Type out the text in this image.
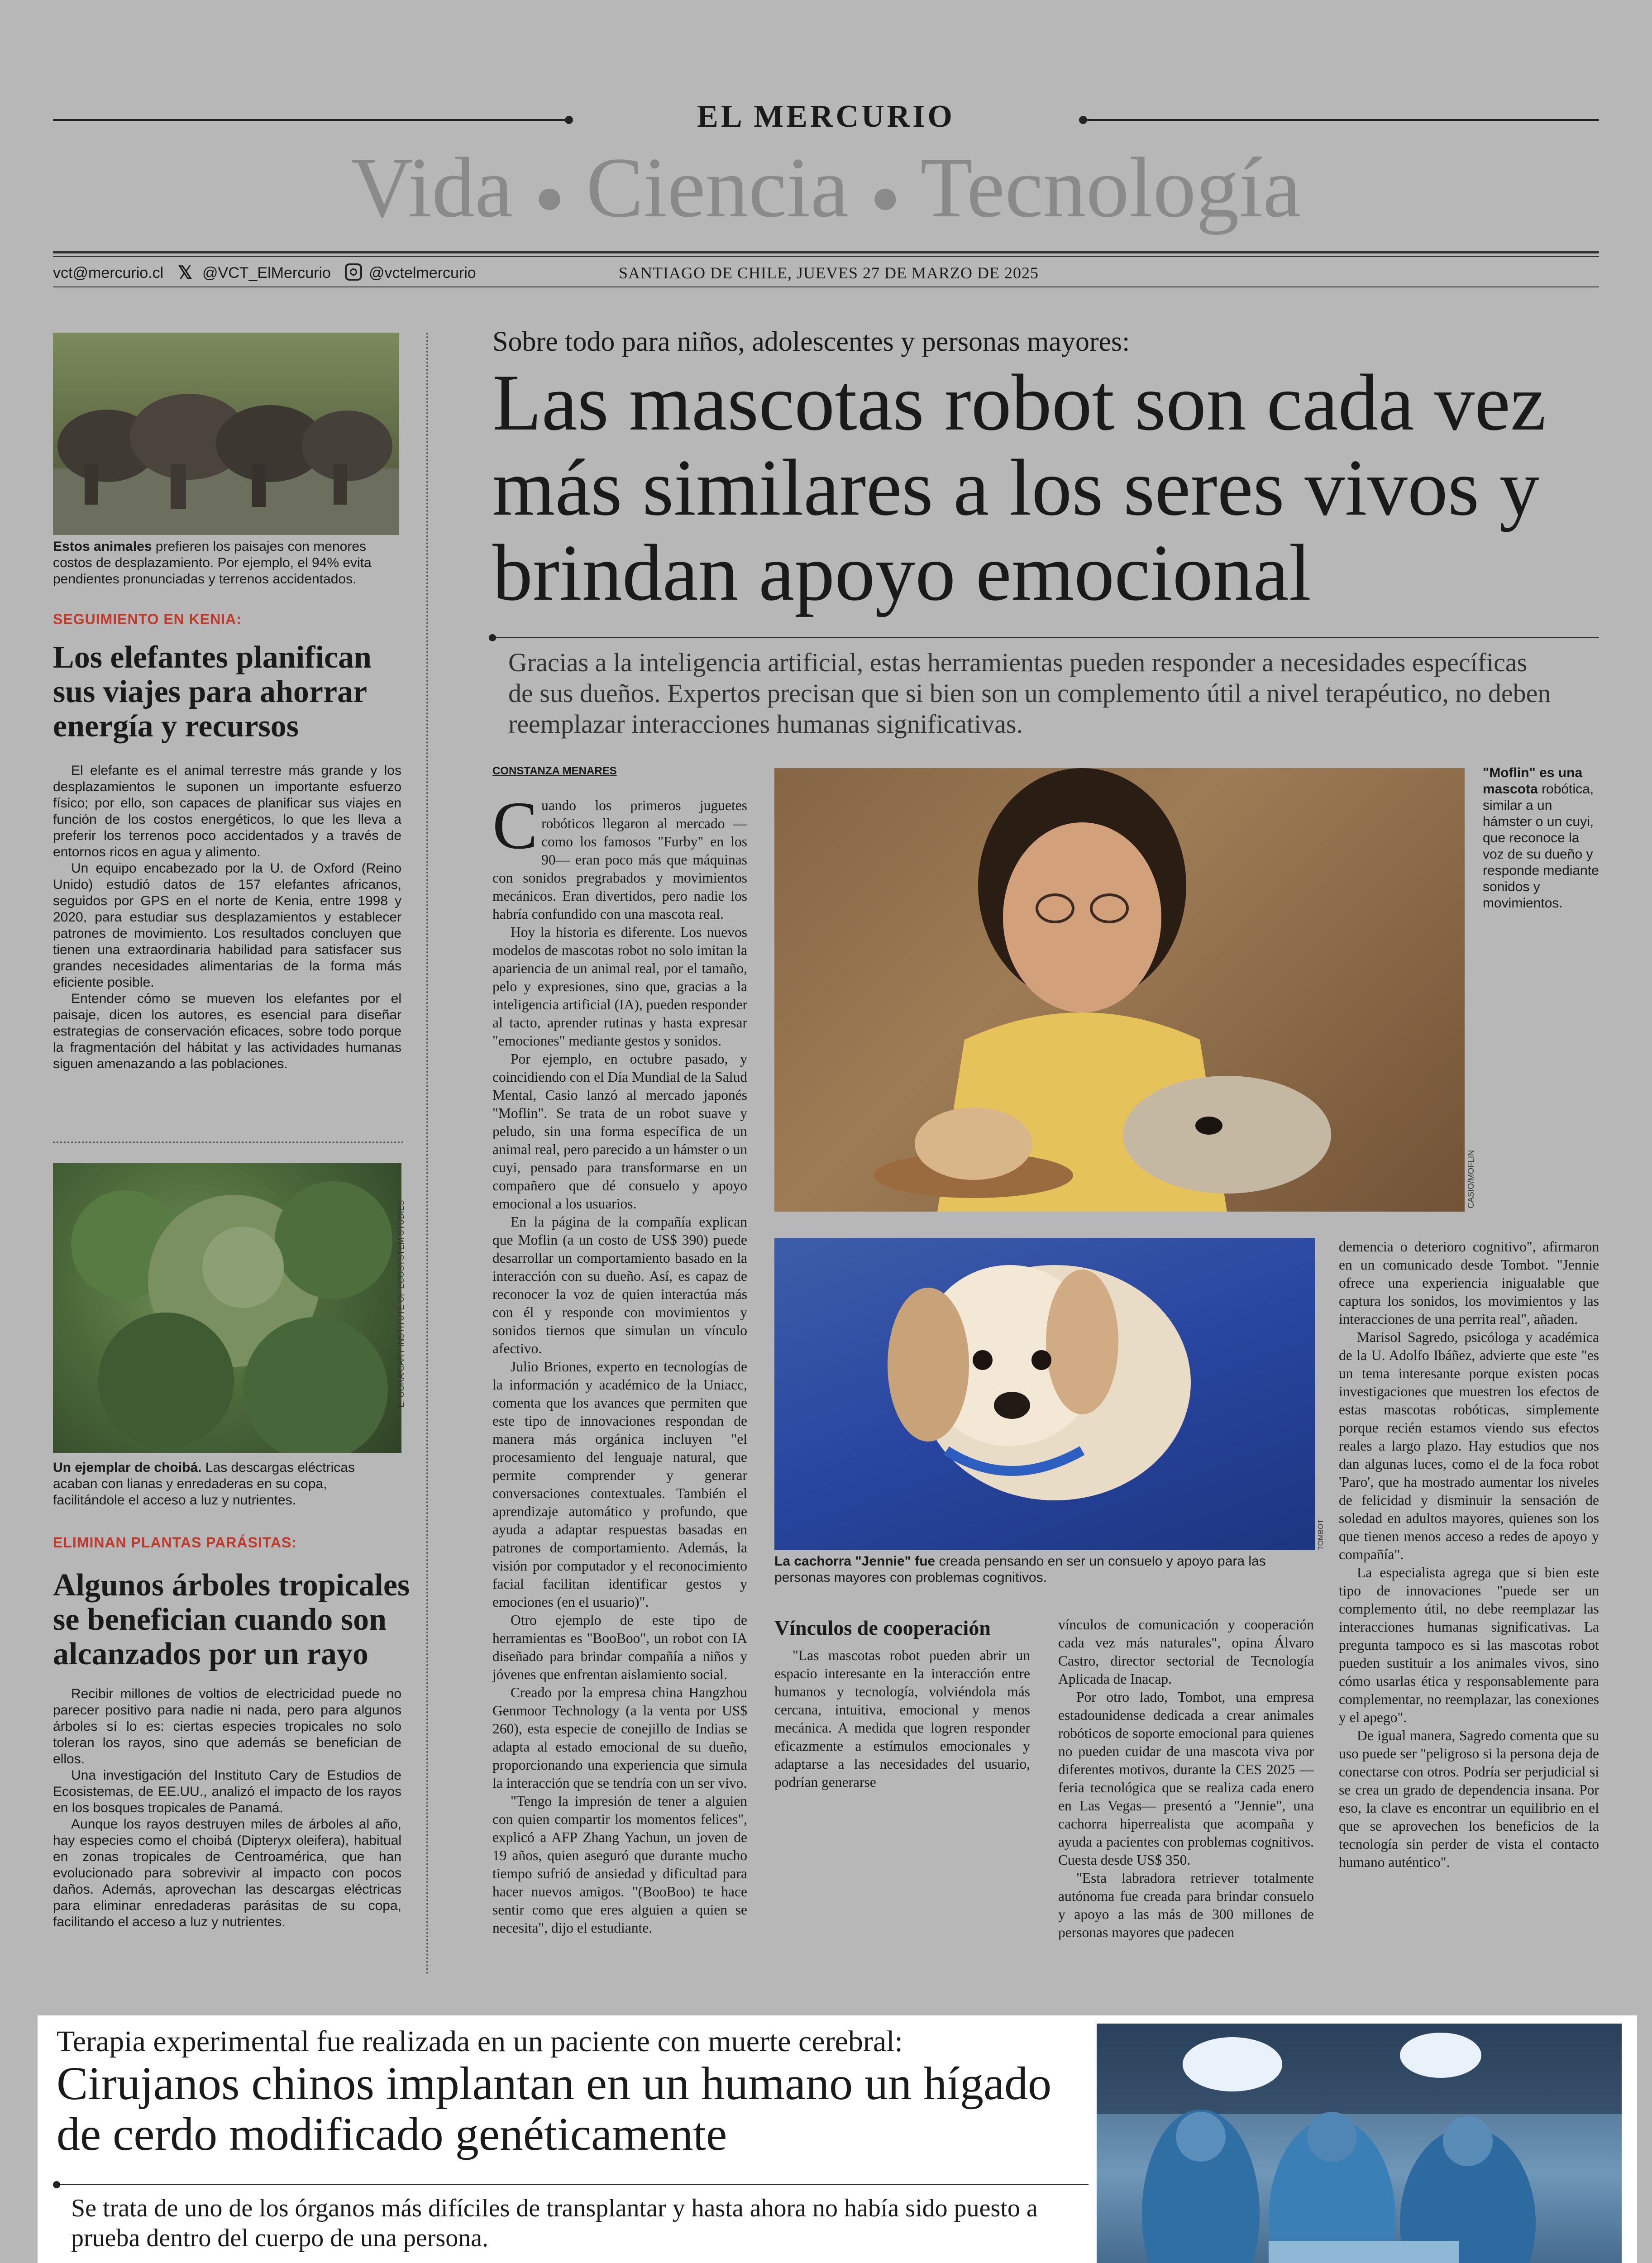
EL MERCURIO
Vida ● Ciencia ● Tecnología
vct@mercurio.cl 𝕏 @VCT_ElMercurio @vctelmercurio	SANTIAGO DE CHILE, JUEVES 27 DE MARZO DE 2025
Estos animales prefieren los paisajes con menores costos de desplazamiento. Por ejemplo, el 94% evita pendientes pronunciadas y terrenos accidentados.
SEGUIMIENTO EN KENIA:
Los elefantes planifican sus viajes para ahorrar energía y recursos

El elefante es el animal terrestre más grande y los desplazamientos le suponen un importante esfuerzo físico; por ello, son capaces de planificar sus viajes en función de los costos energéticos, lo que les lleva a preferir los terrenos poco accidentados y a través de entornos ricos en agua y alimento.

Un equipo encabezado por la U. de Oxford (Reino Unido) estudió datos de 157 elefantes africanos, seguidos por GPS en el norte de Kenia, entre 1998 y 2020, para estudiar sus desplazamientos y establecer patrones de movimiento. Los resultados concluyen que tienen una extraordinaria habilidad para satisfacer sus grandes necesidades alimentarias de la forma más eficiente posible.

Entender cómo se mueven los elefantes por el paisaje, dicen los autores, es esencial para diseñar estrategias de conservación eficaces, sobre todo porque la fragmentación del hábitat y las actividades humanas siguen amenazando a las poblaciones.

E. GORA/CARY INSTITUTE OF ECOSYSTEM STUDIES
Un ejemplar de choibá. Las descargas eléctricas acaban con lianas y enredaderas en su copa, facilitándole el acceso a luz y nutrientes.
ELIMINAN PLANTAS PARÁSITAS:
Algunos árboles tropicales se benefician cuando son alcanzados por un rayo

Recibir millones de voltios de electricidad puede no parecer positivo para nadie ni nada, pero para algunos árboles sí lo es: ciertas especies tropicales no solo toleran los rayos, sino que además se benefician de ellos.

Una investigación del Instituto Cary de Estudios de Ecosistemas, de EE.UU., analizó el impacto de los rayos en los bosques tropicales de Panamá.

Aunque los rayos destruyen miles de árboles al año, hay especies como el choibá (Dipteryx oleifera), habitual en zonas tropicales de Centroamérica, que han evolucionado para sobrevivir al impacto con pocos daños. Además, aprovechan las descargas eléctricas para eliminar enredaderas parásitas de su copa, facilitando el acceso a luz y nutrientes.

Sobre todo para niños, adolescentes y personas mayores:
Las mascotas robot son cada vez más similares a los seres vivos y brindan apoyo emocional
Gracias a la inteligencia artificial, estas herramientas pueden responder a necesidades específicas de sus dueños. Expertos precisan que si bien son un complemento útil a nivel terapéutico, no deben reemplazar interacciones humanas significativas.
CONSTANZA MENARES

Cuando los primeros juguetes robóticos llegaron al mercado —como los famosos "Furby" en los 90— eran poco más que máquinas con sonidos pregrabados y movimientos mecánicos. Eran divertidos, pero nadie los habría confundido con una mascota real.

Hoy la historia es diferente. Los nuevos modelos de mascotas robot no solo imitan la apariencia de un animal real, por el tamaño, pelo y expresiones, sino que, gracias a la inteligencia artificial (IA), pueden responder al tacto, aprender rutinas y hasta expresar "emociones" mediante gestos y sonidos.

Por ejemplo, en octubre pasado, y coincidiendo con el Día Mundial de la Salud Mental, Casio lanzó al mercado japonés "Moflin". Se trata de un robot suave y peludo, sin una forma específica de un animal real, pero parecido a un hámster o un cuyi, pensado para transformarse en un compañero que dé consuelo y apoyo emocional a los usuarios.

En la página de la compañía explican que Moflin (a un costo de US$ 390) puede desarrollar un comportamiento basado en la interacción con su dueño. Así, es capaz de reconocer la voz de quien interactúa más con él y responde con movimientos y sonidos tiernos que simulan un vínculo afectivo.

Julio Briones, experto en tecnologías de la información y académico de la Uniacc, comenta que los avances que permiten que este tipo de innovaciones respondan de manera más orgánica incluyen "el procesamiento del lenguaje natural, que permite comprender y generar conversaciones contextuales. También el aprendizaje automático y profundo, que ayuda a adaptar respuestas basadas en patrones de comportamiento. Además, la visión por computador y el reconocimiento facial facilitan identificar gestos y emociones (en el usuario)".

Otro ejemplo de este tipo de herramientas es "BooBoo", un robot con IA diseñado para brindar compañía a niños y jóvenes que enfrentan aislamiento social.

Creado por la empresa china Hangzhou Genmoor Technology (a la venta por US$ 260), esta especie de conejillo de Indias se adapta al estado emocional de su dueño, proporcionando una experiencia que simula la interacción que se tendría con un ser vivo.

"Tengo la impresión de tener a alguien con quien compartir los momentos felices", explicó a AFP Zhang Yachun, un joven de 19 años, quien aseguró que durante mucho tiempo sufrió de ansiedad y dificultad para hacer nuevos amigos. "(BooBoo) te hace sentir como que eres alguien a quien se necesita", dijo el estudiante.

CASIO/MOFLIN
"Moflin" es una mascota robótica, similar a un hámster o un cuyi, que reconoce la voz de su dueño y responde mediante sonidos y movimientos.
TOMBOT
La cachorra "Jennie" fue creada pensando en ser un consuelo y apoyo para las personas mayores con problemas cognitivos.
Vínculos de cooperación

"Las mascotas robot pueden abrir un espacio interesante en la interacción entre humanos y tecnología, volviéndola más cercana, intuitiva, emocional y menos mecánica. A medida que logren responder eficazmente a estímulos emocionales y adaptarse a las necesidades del usuario, podrían generarse

vínculos de comunicación y cooperación cada vez más naturales", opina Álvaro Castro, director sectorial de Tecnología Aplicada de Inacap.

Por otro lado, Tombot, una empresa estadounidense dedicada a crear animales robóticos de soporte emocional para quienes no pueden cuidar de una mascota viva por diferentes motivos, durante la CES 2025 —feria tecnológica que se realiza cada enero en Las Vegas— presentó a "Jennie", una cachorra hiperrealista que acompaña y ayuda a pacientes con problemas cognitivos. Cuesta desde US$ 350.

"Esta labradora retriever totalmente autónoma fue creada para brindar consuelo y apoyo a las más de 300 millones de personas mayores que padecen

demencia o deterioro cognitivo", afirmaron en un comunicado desde Tombot. "Jennie ofrece una experiencia inigualable que captura los sonidos, los movimientos y las interacciones de una perrita real", añaden.

Marisol Sagredo, psicóloga y académica de la U. Adolfo Ibáñez, advierte que este "es un tema interesante porque existen pocas investigaciones que muestren los efectos de estas mascotas robóticas, simplemente porque recién estamos viendo sus efectos reales a largo plazo. Hay estudios que nos dan algunas luces, como el de la foca robot 'Paro', que ha mostrado aumentar los niveles de felicidad y disminuir la sensación de soledad en adultos mayores, quienes son los que tienen menos acceso a redes de apoyo y compañía".

La especialista agrega que si bien este tipo de innovaciones "puede ser un complemento útil, no debe reemplazar las interacciones humanas significativas. La pregunta tampoco es si las mascotas robot pueden sustituir a los animales vivos, sino cómo usarlas ética y responsablemente para complementar, no reemplazar, las conexiones y el apego".

De igual manera, Sagredo comenta que su uso puede ser "peligroso si la persona deja de conectarse con otros. Podría ser perjudicial si se crea un grado de dependencia insana. Por eso, la clave es encontrar un equilibrio en el que se aprovechen los beneficios de la tecnología sin perder de vista el contacto humano auténtico".

Terapia experimental fue realizada en un paciente con muerte cerebral:
Cirujanos chinos implantan en un humano un hígado de cerdo modificado genéticamente
Se trata de uno de los órganos más difíciles de transplantar y hasta ahora no había sido puesto a prueba dentro del cuerpo de una persona.
